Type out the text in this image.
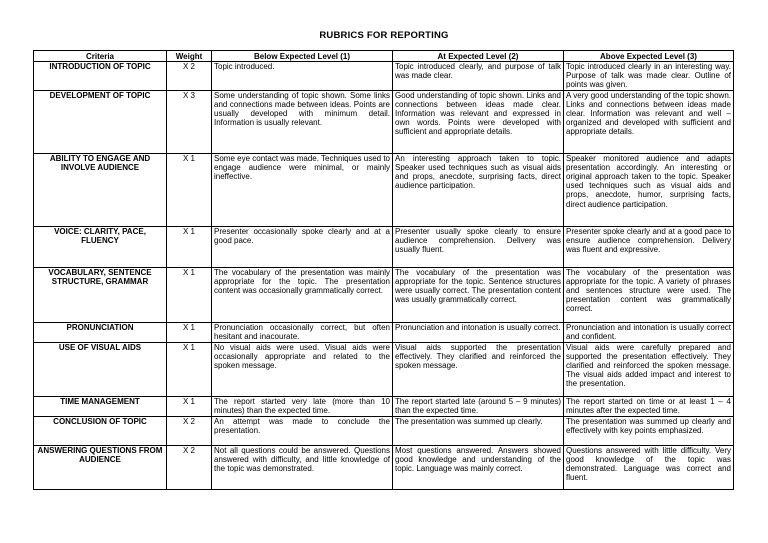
RUBRICS FOR REPORTING
Criteria	Weight	Below Expected Level (1)	At Expected Level (2)	Above Expected Level (3)
INTRODUCTION OF TOPIC	X 2	Topic introduced.	Topic introduced clearly, and purpose of talk was made clear.	Topic introduced clearly in an interesting way. Purpose of talk was made clear. Outline of points was given.
DEVELOPMENT OF TOPIC	X 3	Some understanding of topic shown. Some links and connections made between ideas. Points are usually developed with minimum detail. Information is usually relevant.	Good understanding of topic shown. Links and connections between ideas made clear. Information was relevant and expressed in own words. Points were developed with sufficient and appropriate details.	A very good understanding of the topic shown. Links and connections between ideas made clear. Information was relevant and well – organized and developed with sufficient and appropriate details.
ABILITY TO ENGAGE AND INVOLVE AUDIENCE	X 1	Some eye contact was made. Techniques used to engage audience were minimal, or mainly ineffective.	An interesting approach taken to topic. Speaker used techniques such as visual aids and props, anecdote, surprising facts, direct audience participation.	Speaker monitored audience and adapts presentation accordingly. An interesting or original approach taken to the topic. Speaker used techniques such as visual aids and props, anecdote, humor, surprising facts, direct audience participation.
VOICE: CLARITY, PACE, FLUENCY	X 1	Presenter occasionally spoke clearly and at a good pace.	Presenter usually spoke clearly to ensure audience comprehension. Delivery was usually fluent.	Presenter spoke clearly and at a good pace to ensure audience comprehension. Delivery was fluent and expressive.
VOCABULARY, SENTENCE STRUCTURE, GRAMMAR	X 1	The vocabulary of the presentation was mainly appropriate for the topic. The presentation content was occasionally grammatically correct.	The vocabulary of the presentation was appropriate for the topic. Sentence structures were usually correct. The presentation content was usually grammatically correct.	The vocabulary of the presentation was appropriate for the topic. A variety of phrases and sentences structure were used. The presentation content was grammatically correct.
PRONUNCIATION	X 1	Pronunciation occasionally correct, but often hesitant and inacourate.	Pronunciation and intonation is usually correct.	Pronunciation and intonation is usually correct and confident.
USE OF VISUAL AIDS	X 1	No visual aids were used. Visual aids were occasionally appropriate and related to the spoken message.	Visual aids supported the presentation effectively. They clarified and reinforced the spoken message.	Visual aids were carefully prepared and supported the presentation effectively. They clarified and reinforced the spoken message. The visual aids added impact and interest to the presentation.
TIME MANAGEMENT	X 1	The report started very late (more than 10 minutes) than the expected time.	The report started late (around 5 – 9 minutes) than the expected time.	The report started on time or at least 1 – 4 minutes after the expected time.
CONCLUSION OF TOPIC	X 2	An attempt was made to conclude the presentation.	The presentation was summed up clearly.	The presentation was summed up clearly and effectively with key points emphasized.
ANSWERING QUESTIONS FROM AUDIENCE	X 2	Not all questions could be answered. Questions answered with difficulty, and little knowledge of the topic was demonstrated.	Most questions answered. Answers showed good knowledge and understanding of the topic. Language was mainly correct.	Questions answered with little difficulty. Very good knowledge of the topic was demonstrated. Language was correct and fluent.
